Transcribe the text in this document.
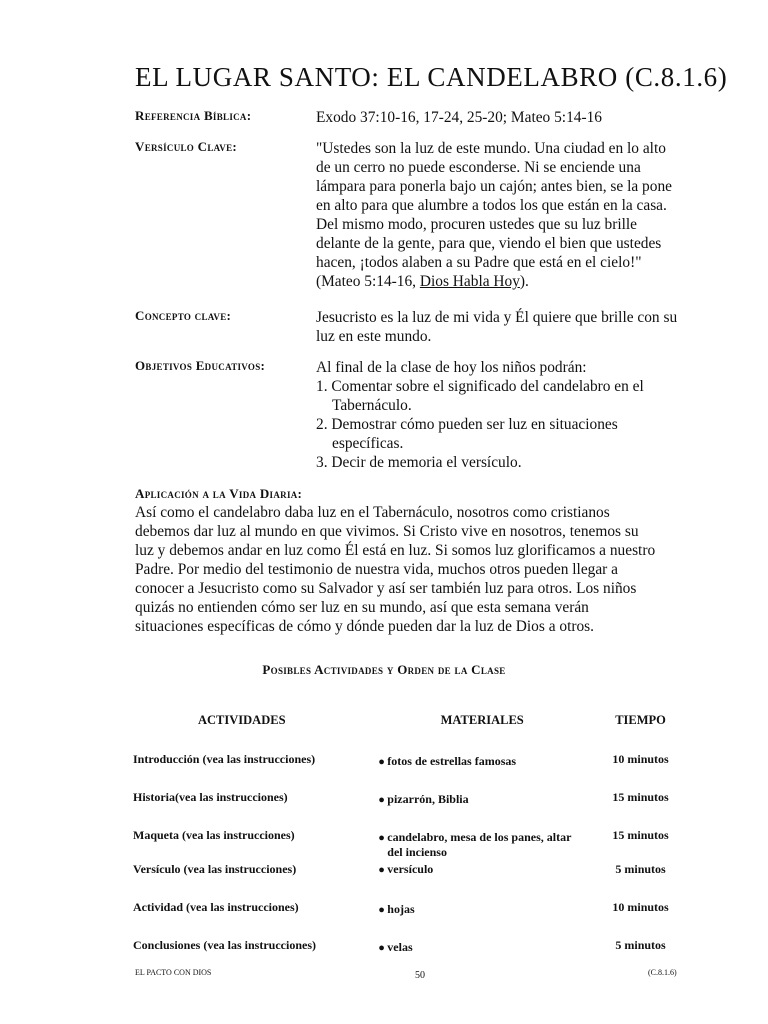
EL LUGAR SANTO: EL CANDELABRO (C.8.1.6)
Referencia Bíblica:	Exodo 37:10-16, 17-24, 25-20; Mateo 5:14-16
Versículo Clave:	"Ustedes son la luz de este mundo. Una ciudad en lo alto
de un cerro no puede esconderse. Ni se enciende una
lámpara para ponerla bajo un cajón; antes bien, se la pone
en alto para que alumbre a todos los que están en la casa.
Del mismo modo, procuren ustedes que su luz brille
delante de la gente, para que, viendo el bien que ustedes
hacen, ¡todos alaben a su Padre que está en el cielo!"
(Mateo 5:14-16, Dios Habla Hoy).
Concepto clave:	Jesucristo es la luz de mi vida y Él quiere que brille con su
luz en este mundo.
Objetivos Educativos:	Al final de la clase de hoy los niños podrán:
1. Comentar sobre el significado del candelabro en el
Tabernáculo.
2. Demostrar cómo pueden ser luz en situaciones
específicas.
3. Decir de memoria el versículo.
Aplicación a la Vida Diaria:
Así como el candelabro daba luz en el Tabernáculo, nosotros como cristianos
debemos dar luz al mundo en que vivimos. Si Cristo vive en nosotros, tenemos su
luz y debemos andar en luz como Él está en luz. Si somos luz glorificamos a nuestro
Padre. Por medio del testimonio de nuestra vida, muchos otros pueden llegar a
conocer a Jesucristo como su Salvador y así ser también luz para otros. Los niños
quizás no entienden cómo ser luz en su mundo, así que esta semana verán
situaciones específicas de cómo y dónde pueden dar la luz de Dios a otros.
Posibles Actividades y Orden de la Clase
ACTIVIDADES	MATERIALES	TIEMPO
Introducción (vea las instrucciones)	● fotos de estrellas famosas	10 minutos
Historia(vea las instrucciones)	● pizarrón, Biblia	15 minutos
Maqueta (vea las instrucciones)	● candelabro, mesa de los panes, altar
del incienso	15 minutos
Versículo (vea las instrucciones)	● versículo	5 minutos
Actividad (vea las instrucciones)	● hojas	10 minutos
Conclusiones (vea las instrucciones)	● velas	5 minutos
EL PACTO CON DIOS	50	(C.8.1.6)
